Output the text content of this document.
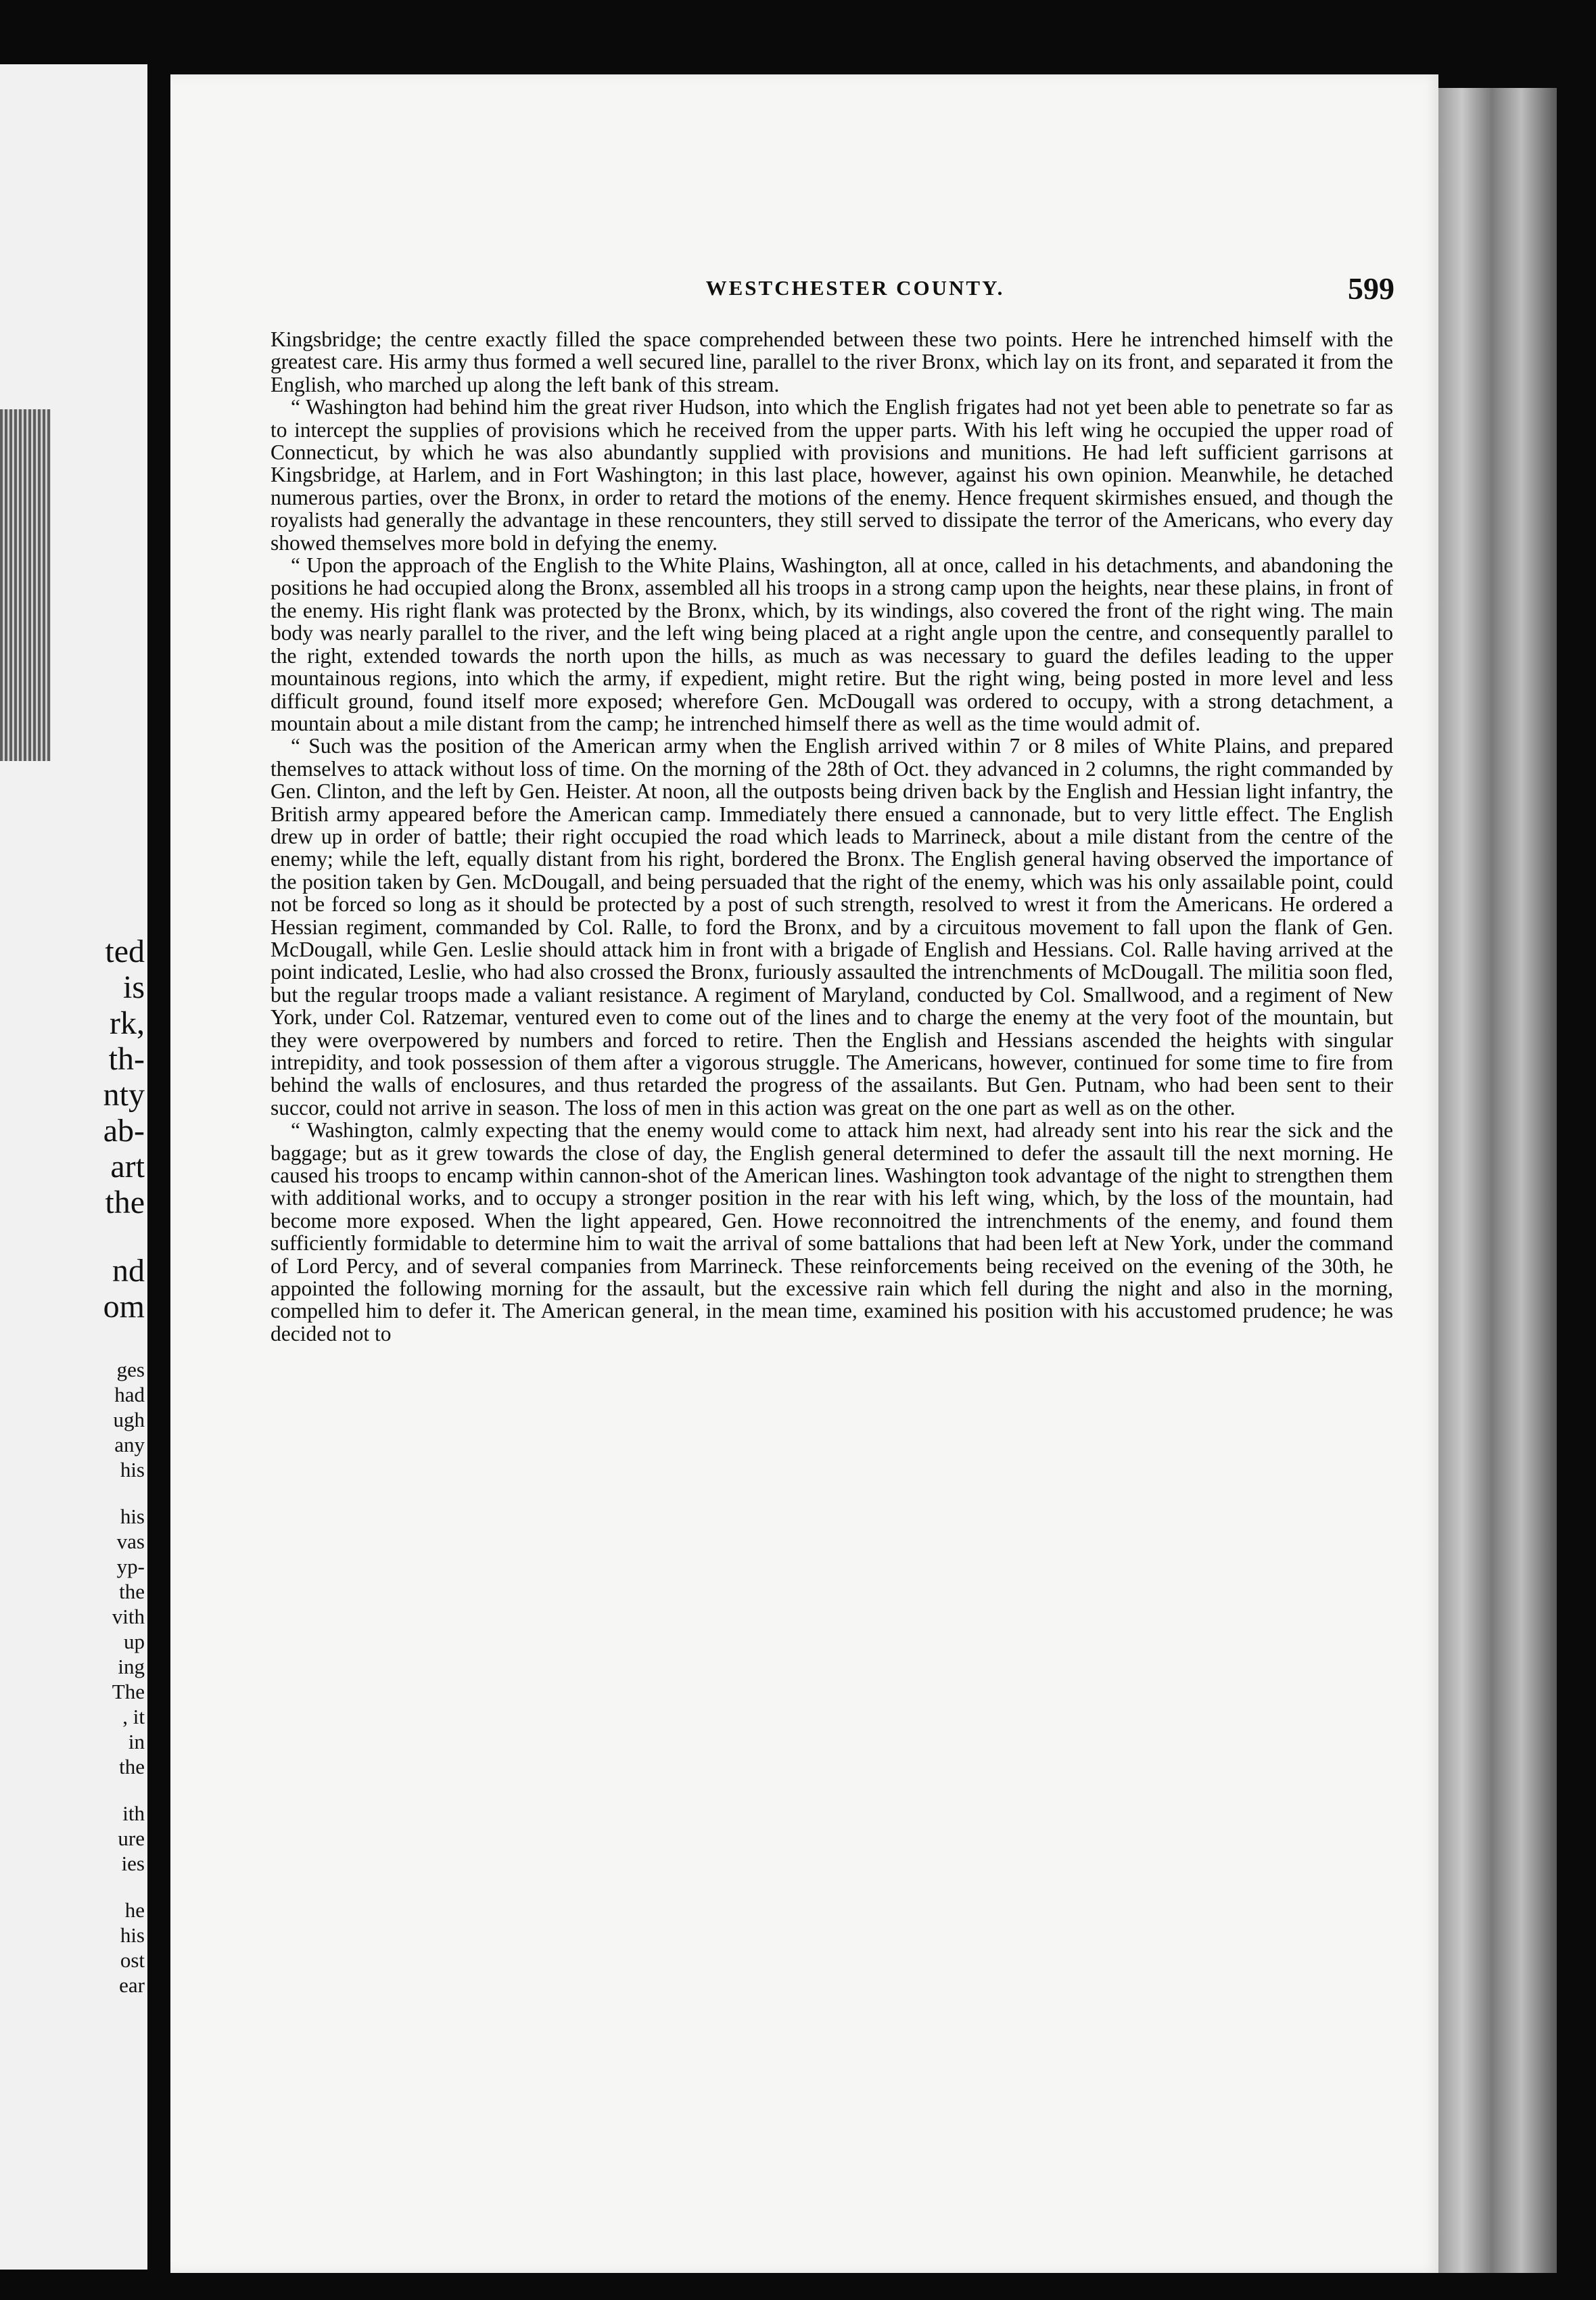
ted
is
rk,
th-
nty
ab-
art
the
nd
om
ges
had
ugh
any
his
his
vas
yp-
the
vith
up
ing
The
, it
in
the
ith
ure
ies
he
his
ost
ear
WESTCHESTER COUNTY.	599

Kingsbridge; the centre exactly filled the space comprehended between these two points. Here he intrenched himself with the greatest care. His army thus formed a well secured line, parallel to the river Bronx, which lay on its front, and separated it from the English, who marched up along the left bank of this stream.

“ Washington had behind him the great river Hudson, into which the English frigates had not yet been able to penetrate so far as to intercept the supplies of provisions which he received from the upper parts. With his left wing he occupied the upper road of Connecticut, by which he was also abundantly supplied with provisions and munitions. He had left sufficient garrisons at Kingsbridge, at Harlem, and in Fort Washington; in this last place, however, against his own opinion. Meanwhile, he detached numerous parties, over the Bronx, in order to retard the motions of the enemy. Hence frequent skirmishes ensued, and though the royalists had generally the advantage in these rencounters, they still served to dissipate the terror of the Americans, who every day showed themselves more bold in defying the enemy.

“ Upon the approach of the English to the White Plains, Washington, all at once, called in his detachments, and abandoning the positions he had occupied along the Bronx, assembled all his troops in a strong camp upon the heights, near these plains, in front of the enemy. His right flank was protected by the Bronx, which, by its windings, also covered the front of the right wing. The main body was nearly parallel to the river, and the left wing being placed at a right angle upon the centre, and consequently parallel to the right, extended towards the north upon the hills, as much as was necessary to guard the defiles leading to the upper mountainous regions, into which the army, if expedient, might retire. But the right wing, being posted in more level and less difficult ground, found itself more exposed; wherefore Gen. McDougall was ordered to occupy, with a strong detachment, a mountain about a mile distant from the camp; he intrenched himself there as well as the time would admit of.

“ Such was the position of the American army when the English arrived within 7 or 8 miles of White Plains, and prepared themselves to attack without loss of time. On the morning of the 28th of Oct. they advanced in 2 columns, the right commanded by Gen. Clinton, and the left by Gen. Heister. At noon, all the outposts being driven back by the English and Hessian light infantry, the British army appeared before the American camp. Immediately there ensued a cannonade, but to very little effect. The English drew up in order of battle; their right occupied the road which leads to Marrineck, about a mile distant from the centre of the enemy; while the left, equally distant from his right, bordered the Bronx. The English general having observed the importance of the position taken by Gen. McDougall, and being persuaded that the right of the enemy, which was his only assailable point, could not be forced so long as it should be protected by a post of such strength, resolved to wrest it from the Americans. He ordered a Hessian regiment, commanded by Col. Ralle, to ford the Bronx, and by a circuitous movement to fall upon the flank of Gen. McDougall, while Gen. Leslie should attack him in front with a brigade of English and Hessians. Col. Ralle having arrived at the point indicated, Leslie, who had also crossed the Bronx, furiously assaulted the intrenchments of McDougall. The militia soon fled, but the regular troops made a valiant resistance. A regiment of Maryland, conducted by Col. Smallwood, and a regiment of New York, under Col. Ratzemar, ventured even to come out of the lines and to charge the enemy at the very foot of the mountain, but they were overpowered by numbers and forced to retire. Then the English and Hessians ascended the heights with singular intrepidity, and took possession of them after a vigorous struggle. The Americans, however, continued for some time to fire from behind the walls of enclosures, and thus retarded the progress of the assailants. But Gen. Putnam, who had been sent to their succor, could not arrive in season. The loss of men in this action was great on the one part as well as on the other.

“ Washington, calmly expecting that the enemy would come to attack him next, had already sent into his rear the sick and the baggage; but as it grew towards the close of day, the English general determined to defer the assault till the next morning. He caused his troops to encamp within cannon-shot of the American lines. Washington took advantage of the night to strengthen them with additional works, and to occupy a stronger position in the rear with his left wing, which, by the loss of the mountain, had become more exposed. When the light appeared, Gen. Howe reconnoitred the intrenchments of the enemy, and found them sufficiently formidable to determine him to wait the arrival of some battalions that had been left at New York, under the command of Lord Percy, and of several companies from Marrineck. These reinforcements being received on the evening of the 30th, he appointed the following morning for the assault, but the excessive rain which fell during the night and also in the morning, compelled him to defer it. The American general, in the mean time, examined his position with his accustomed prudence; he was decided not to
